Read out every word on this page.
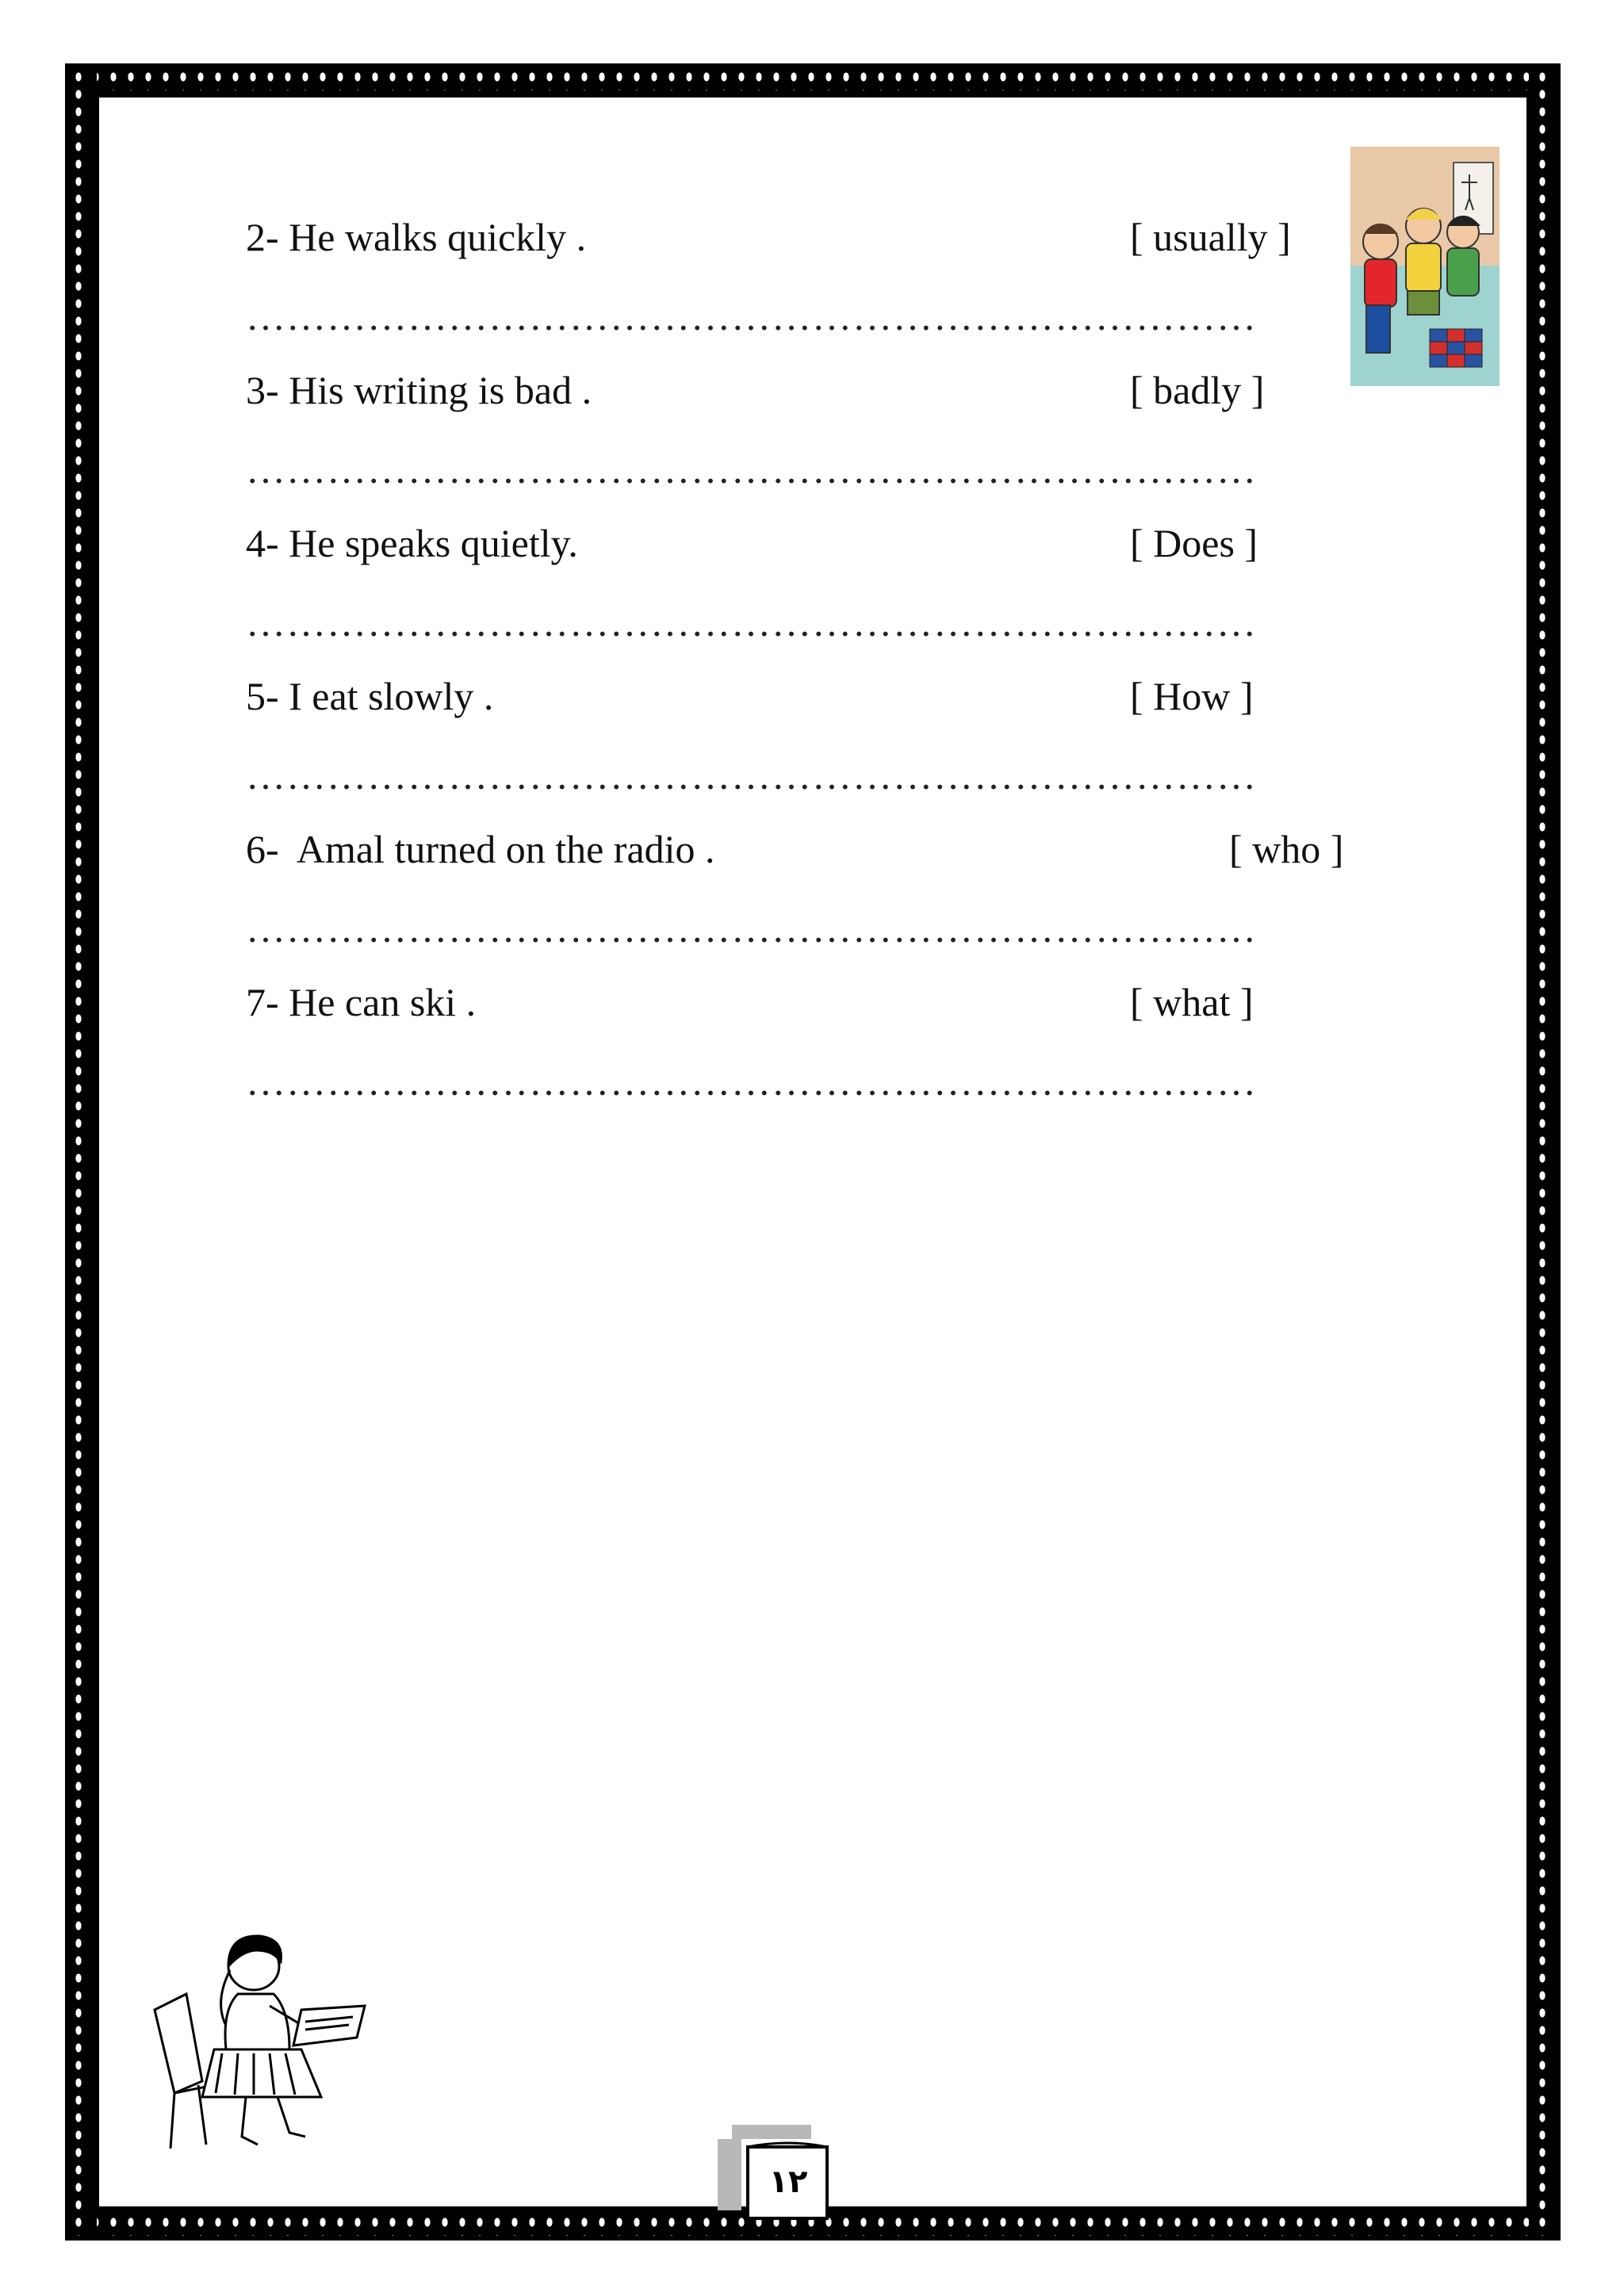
2- He walks quickly .	[ usually ]
…………………………………………………………………
3- His writing is bad .	[ badly ]
…………………………………………………………………
4- He speaks quietly.	[ Does ]
…………………………………………………………………
5- I eat slowly .	[ How ]
…………………………………………………………………
6-  Amal turned on the radio .	[ who ]
…………………………………………………………………
7- He can ski .	[ what ]
…………………………………………………………………
١٢
